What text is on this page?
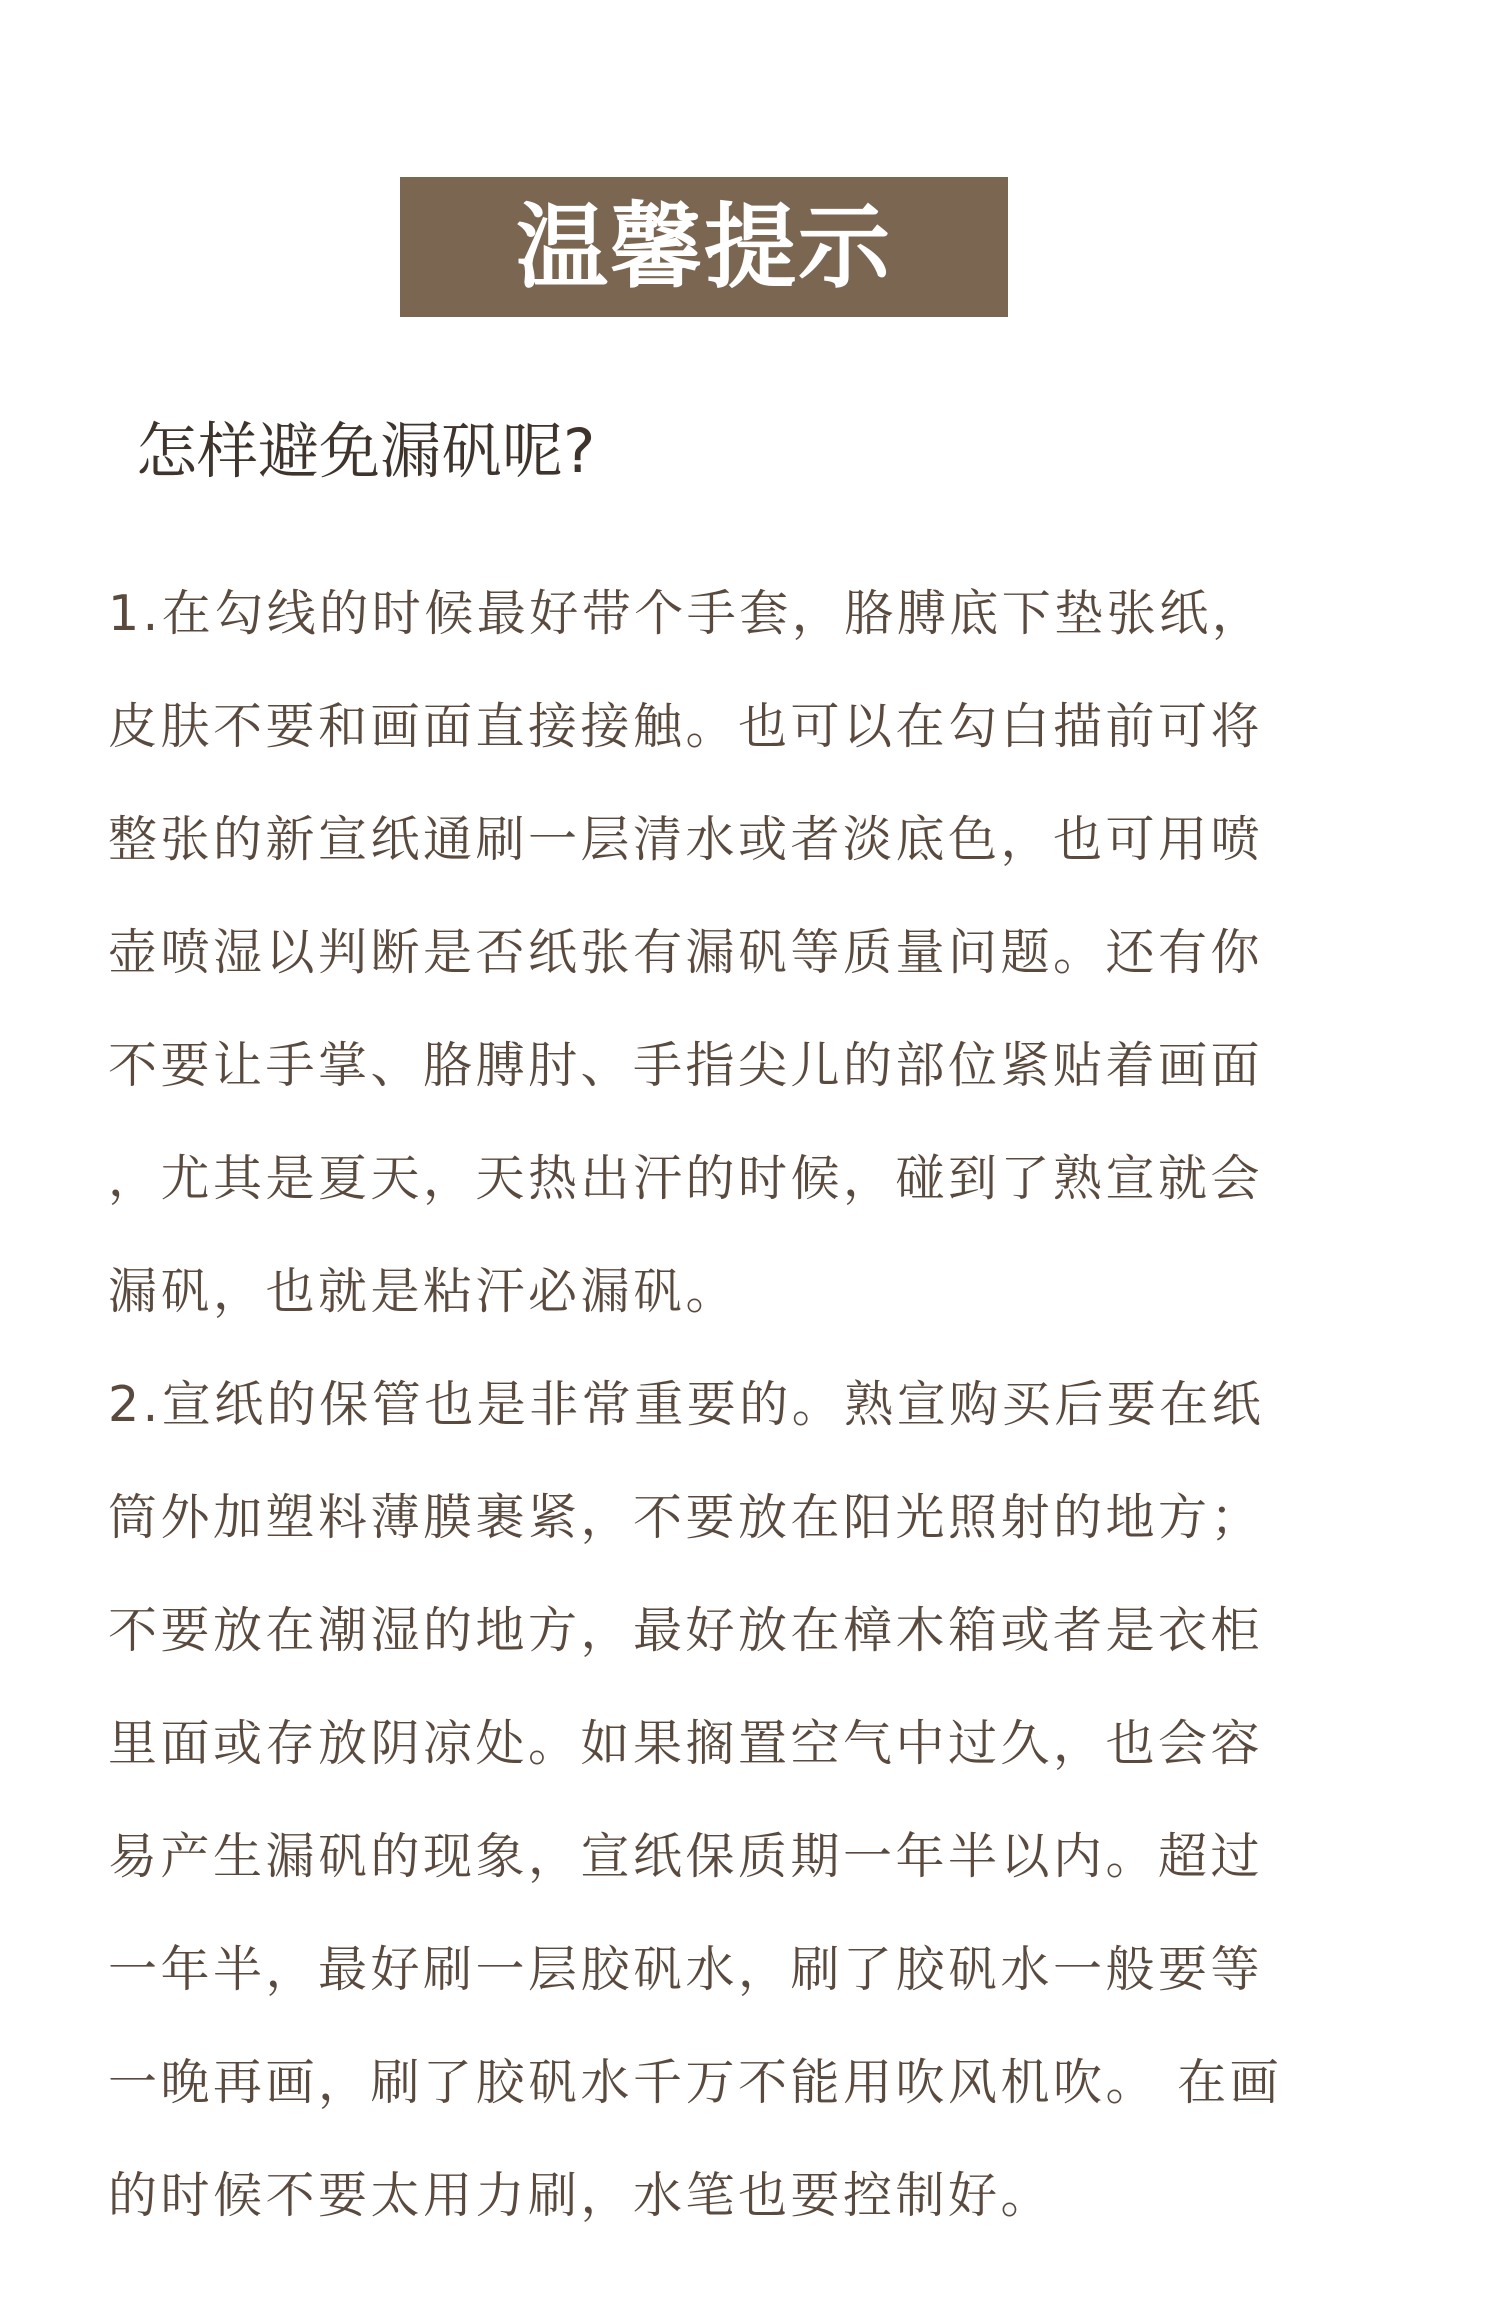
温馨提示
怎样避免漏矾呢?
1.在勾线的时候最好带个手套，胳膊底下垫张纸，
皮肤不要和画面直接接触。也可以在勾白描前可将
整张的新宣纸通刷一层清水或者淡底色，也可用喷
壶喷湿以判断是否纸张有漏矾等质量问题。还有你
不要让手掌、胳膊肘、手指尖儿的部位紧贴着画面
，尤其是夏天，天热出汗的时候，碰到了熟宣就会
漏矾，也就是粘汗必漏矾。
2.宣纸的保管也是非常重要的。熟宣购买后要在纸
筒外加塑料薄膜裹紧，不要放在阳光照射的地方；
不要放在潮湿的地方，最好放在樟木箱或者是衣柜
里面或存放阴凉处。如果搁置空气中过久，也会容
易产生漏矾的现象，宣纸保质期一年半以内。超过
一年半，最好刷一层胶矾水，刷了胶矾水一般要等
一晚再画，刷了胶矾水千万不能用吹风机吹。 在画
的时候不要太用力刷，水笔也要控制好。
